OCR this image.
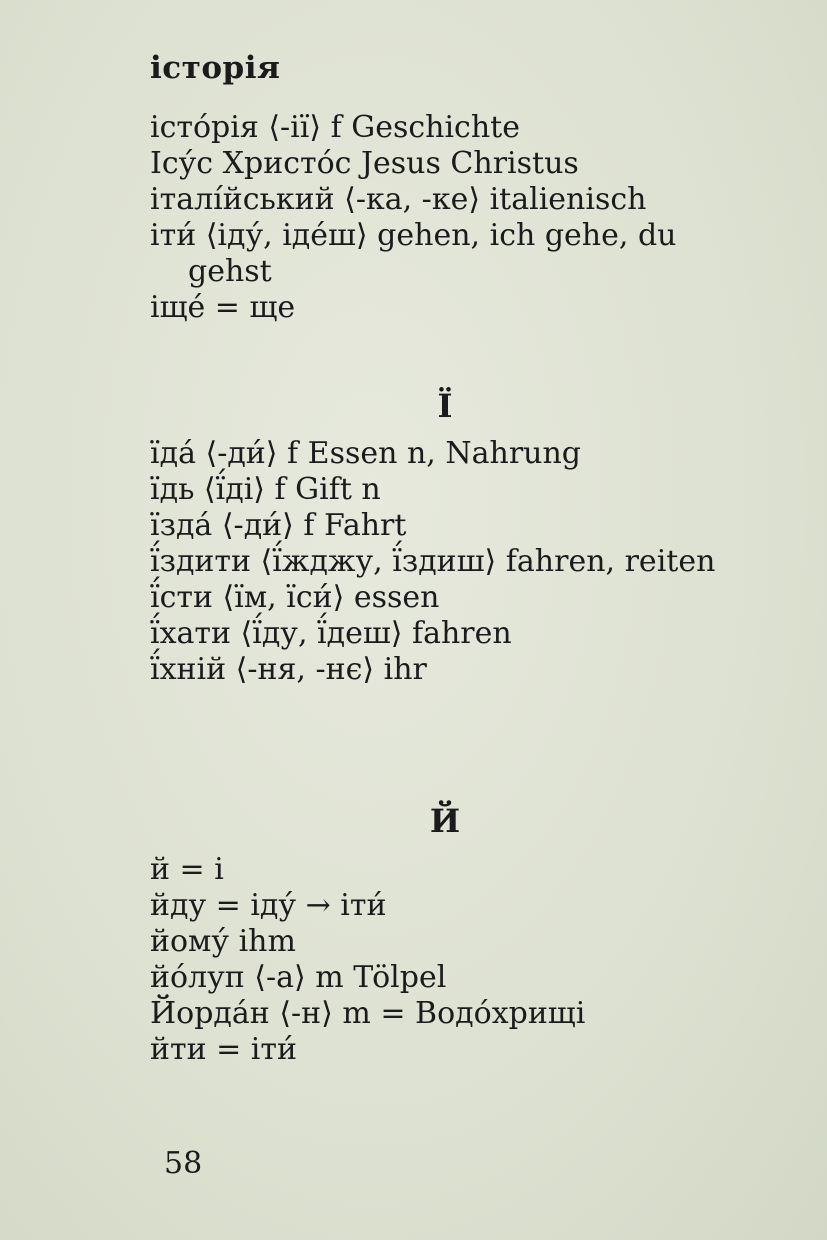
історія
істо́рія ⟨-ії⟩ f Geschichte
Ісу́с Христо́с Jesus Christus
італі́йський ⟨-ка, -ке⟩ italienisch
іти́ ⟨іду́, іде́ш⟩ gehen, ich gehe, du gehst
іще́ = ще
Ї
їда́ ⟨-ди́⟩ f Essen n, Nahrung
їдь ⟨ї́ді⟩ f Gift n
їзда́ ⟨-ди́⟩ f Fahrt
ї́здити ⟨ї́жджу, ї́здиш⟩ fahren, reiten
ї́сти ⟨їм, їси́⟩ essen
ї́хати ⟨ї́ду, ї́деш⟩ fahren
ї́хній ⟨-ня, -нє⟩ ihr
Й
й = і
йду = іду́ → іти́
йому́ ihm
йо́луп ⟨-а⟩ m Tölpel
Йорда́н ⟨-н⟩ m = Водо́хрищі
йти = іти́
58
